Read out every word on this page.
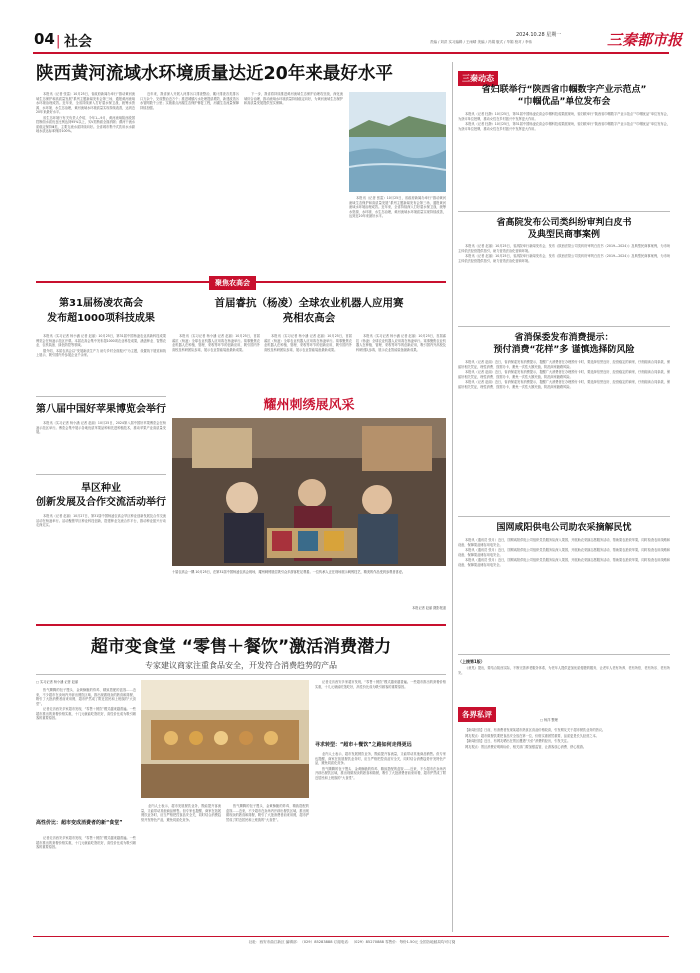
04 | 社会	2024.10.28 星期一
责编 / 刘洪 实习编辑 / 王雨晴 美编 / 冯娟 版式 / 毕娟 校对 / 李伟	三秦都市报
陕西黄河流域水环境质量达近20年来最好水平

本报讯（记者 张雷）10月25日，省政府新闻办举行“推动黄河流域生态保护和高质量发展”系列主题新闻发布会第三场，通报黄河流域水环境治理成效。近年来，全省持续深入打好碧水保卫战，统筹水资源、水环境、水生态治理，黄河流域水环境质量实现持续改善，达到近20年来最好水平。

省生态环境厅有关负责人介绍，今年1—9月，黄河流域陕西段国控断面水质优良比例达到95%以上，劣V类断面全面消除；渭河干流水质稳定保持Ⅲ类，主要支流水质持续向好。全省城市集中式饮用水水源地水质达标率保持100%。

近年来，我省深入开展入河排污口排查整治，累计排查各类排污口万余个，完成整治近万个；推进城镇污水处理提质增效，新建改造污水管网数千公里；实施重点河湖生态保护修复工程，河湖生态流量保障持续加强。

下一步，我省将持续推进黄河流域生态保护治理攻坚战，深化流域综合治理，推动流域水环境质量持续稳定向好，为黄河流域生态保护和高质量发展提供坚实保障。

本报讯（记者 张雷）10月25日，省政府新闻办举行“推动黄河流域生态保护和高质量发展”系列主题新闻发布会第三场，通报黄河流域水环境治理成效。近年来，全省持续深入打好碧水保卫战，统筹水资源、水环境、水生态治理，黄河流域水环境质量实现持续改善，达到近20年来最好水平。

聚焦农高会
第31届杨凌农高会
发布超1000项科技成果

本报讯（实习记者 杨小涵 记者 赵丽）10月25日，第31届中国杨凌农业高新科技成果博览会在杨凌示范区开幕。本届农高会集中发布超1000项农业科技成果，涵盖种业、智慧农业、农机装备、绿色防控等领域。

据介绍，本届农高会以“发展新质生产力 助力乡村全面振兴”为主题，设置线下展览和线上展示，吸引国内外参展企业千余家。

第八届中国好苹果博览会举行

本报讯（实习记者 杨小涵 记者 赵丽）10月25日，2024第八届中国好苹果博览会在杨凌示范区举行。博览会集中展示各地优质苹果品种和先进种植技术，推动苹果产业高质量发展。

旱区种业
创新发展及合作交流活动举行

本报讯（记者 赵丽）10月27日，第31届中国杨凌农高会旱区种业创新发展及合作交流活动在杨凌举行。活动聚焦旱区种业科技创新，搭建种业交流合作平台，推动种业振兴行动走深走实。

首届睿抗（杨凌）全球农业机器人应用赛
亮相农高会

本报讯（实习记者 杨小涵 记者 赵丽）10月25日，首届睿抗（杨凌）全球农业机器人应用赛在杨凌举行。赛事聚焦农业机器人在种植、管理、采收等环节的创新应用，吸引国内外高校及科研团队参赛，展示农业智能装备最新成果。

本报讯（实习记者 杨小涵 记者 赵丽）10月25日，首届睿抗（杨凌）全球农业机器人应用赛在杨凌举行。赛事聚焦农业机器人在种植、管理、采收等环节的创新应用，吸引国内外高校及科研团队参赛，展示农业智能装备最新成果。

本报讯（实习记者 杨小涵 记者 赵丽）10月25日，首届睿抗（杨凌）全球农业机器人应用赛在杨凌举行。赛事聚焦农业机器人在种植、管理、采收等环节的创新应用，吸引国内外高校及科研团队参赛，展示农业智能装备最新成果。

耀州刺绣展风采
十届农高会一隅 10月25日，在第31届中国杨凌农高会现场，耀州刺绣展位吸引众多游客驻足观看。一位传承人正在现场展示刺绣技艺，精美的作品受到参观者喜爱。
本报记者 赵丽 摄影报道
超市变食堂 “零售＋餐饮”激活消费潜力
专家建议商家注重食品安全，开发符合消费趋势的产品
□ 实习记者 杨小涵 记者 赵丽

热气腾腾的包子馒头、金黄酥脆的炸鸡、精致搭配的盒饭……近来，不少超市在卖场内开辟出餐饮区域，推出现做现卖的熟食和简餐，吸引了大批消费者前来用餐，超市俨然成了附近居民和上班族的“大食堂”。

记者走访西安多家超市发现，“零售＋餐饮”模式越来越普遍。一些超市推出的套餐价格实惠，十几元就能吃饱吃好，高性价比成为吸引顾客的重要原因。

高性价比：超市变成消费者的新“食堂”

记者走访西安多家超市发现，“零售＋餐饮”模式越来越普遍。一些超市推出的套餐价格实惠，十几元就能吃饱吃好，高性价比成为吸引顾客的重要原因。

业内人士表示，超市发展餐饮业务，既能提升客流量，又能带动其他商品销售。但专家也提醒，商家在拓展餐饮业务时，应当严格把控食品安全关，同时结合消费趋势开发特色产品，避免同质化竞争。

热气腾腾的包子馒头、金黄酥脆的炸鸡、精致搭配的盒饭……近来，不少超市在卖场内开辟出餐饮区域，推出现做现卖的熟食和简餐，吸引了大批消费者前来用餐，超市俨然成了附近居民和上班族的“大食堂”。

记者走访西安多家超市发现，“零售＋餐饮”模式越来越普遍。一些超市推出的套餐价格实惠，十几元就能吃饱吃好，高性价比成为吸引顾客的重要原因。

寻求转型：“超市＋餐饮”之路如何走得更远

业内人士表示，超市发展餐饮业务，既能提升客流量，又能带动其他商品销售。但专家也提醒，商家在拓展餐饮业务时，应当严格把控食品安全关，同时结合消费趋势开发特色产品，避免同质化竞争。

热气腾腾的包子馒头、金黄酥脆的炸鸡、精致搭配的盒饭……近来，不少超市在卖场内开辟出餐饮区域，推出现做现卖的熟食和简餐，吸引了大批消费者前来用餐，超市俨然成了附近居民和上班族的“大食堂”。

三秦动态
省妇联举行“陕西省巾帼数字产业示范点”
“巾帼优品”单位发布会

本报讯（记者 杜静）10月25日，第31届中国杨凌农高会巾帼科技成果展现场，省妇联举行“陕西省巾帼数字产业示范点”“巾帼优品”单位发布会，为获评单位授牌，推动女性在乡村振兴中发挥更大作用。

本报讯（记者 杜静）10月25日，第31届中国杨凌农高会巾帼科技成果展现场，省妇联举行“陕西省巾帼数字产业示范点”“巾帼优品”单位发布会，为获评单位授牌，推动女性在乡村振兴中发挥更大作用。

省高院发布公司类纠纷审判白皮书
及典型民商事案例

本报讯（记者 赵丽）10月25日，省高院举行新闻发布会，发布《陕西法院公司类纠纷审判白皮书（2019—2024）》及典型民商事案例，为市场主体依法经营提供指引，助力营造法治化营商环境。

本报讯（记者 赵丽）10月25日，省高院举行新闻发布会，发布《陕西法院公司类纠纷审判白皮书（2019—2024）》及典型民商事案例，为市场主体依法经营提供指引，助力营造法治化营商环境。

省消保委发布消费提示：
预付消费“花样”多 谨慎选择防风险

本报讯（记者 赵丽）近日，省消保委发布消费提示，提醒广大消费者在办理预付卡时，要选择信誉良好、经营稳定的商家，仔细阅读合同条款，保留好相关凭证，理性消费、按需办卡，避免一次性大额充值，防范商家跑路风险。

本报讯（记者 赵丽）近日，省消保委发布消费提示，提醒广大消费者在办理预付卡时，要选择信誉良好、经营稳定的商家，仔细阅读合同条款，保留好相关凭证，理性消费、按需办卡，避免一次性大额充值，防范商家跑路风险。

本报讯（记者 赵丽）近日，省消保委发布消费提示，提醒广大消费者在办理预付卡时，要选择信誉良好、经营稳定的商家，仔细阅读合同条款，保留好相关凭证，理性消费、按需办卡，避免一次性大额充值，防范商家跑路风险。

国网咸阳供电公司助农采摘解民忧

本报讯（通讯员 张月）近日，国网咸阳供电公司组织党员服务队深入果园，开展助农采摘志愿服务活动，帮助果农抢收苹果，同时检查农用线路和设备，保障果品储存用电安全。

本报讯（通讯员 张月）近日，国网咸阳供电公司组织党员服务队深入果园，开展助农采摘志愿服务活动，帮助果农抢收苹果，同时检查农用线路和设备，保障果品储存用电安全。

本报讯（通讯员 张月）近日，国网咸阳供电公司组织党员服务队深入果园，开展助农采摘志愿服务活动，帮助果农抢收苹果，同时检查农用线路和设备，保障果品储存用电安全。

（上接第1版）

《意见》提出，要结合陕西实际，不断完善养老服务体系，为老年人提供更加优质便捷的服务，让老年人老有所养、老有所依、老有所乐、老有所安。

各界私评
□ 杨洋 整理

【新闻回放】日前，有消费者发现某超市熟食区食品价格较高，引发网友关于超市餐饮业务的热议。

网友观点：超市做餐饮要把食品安全放在第一位，价格实惠固然重要，品质更是长久经营之本。

【新闻回放】近日，有网友晒出在景区遭遇“天价”消费的经历，引发关注。

网友观点：景区消费应明码标价，相关部门要加强监管，让游客放心消费、舒心旅游。

社址：西安市曲江新区 编辑部：（029）85283888 订阅电话：（029）85270888 零售价：每份1.50元 全国各地邮局均可订阅
